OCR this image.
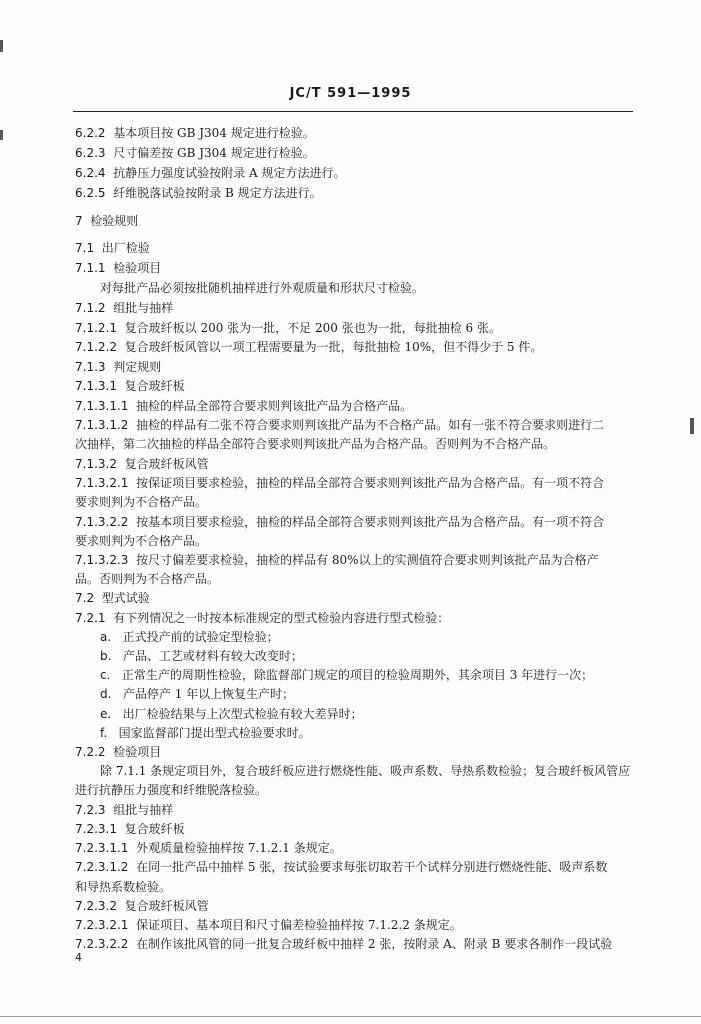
JC/T 591—1995
6.2.2 基本项目按 GB J304 规定进行检验。
6.2.3 尺寸偏差按 GB J304 规定进行检验。
6.2.4 抗静压力强度试验按附录 A 规定方法进行。
6.2.5 纤维脱落试验按附录 B 规定方法进行。
7 检验规则
7.1 出厂检验
7.1.1 检验项目
对每批产品必须按批随机抽样进行外观质量和形状尺寸检验。
7.1.2 组批与抽样
7.1.2.1 复合玻纤板以 200 张为一批，不足 200 张也为一批，每批抽检 6 张。
7.1.2.2 复合玻纤板风管以一项工程需要量为一批，每批抽检 10%，但不得少于 5 件。
7.1.3 判定规则
7.1.3.1 复合玻纤板
7.1.3.1.1 抽检的样品全部符合要求则判该批产品为合格产品。
7.1.3.1.2 抽检的样品有二张不符合要求则判该批产品为不合格产品。如有一张不符合要求则进行二
次抽样，第二次抽检的样品全部符合要求则判该批产品为合格产品。否则判为不合格产品。
7.1.3.2 复合玻纤板风管
7.1.3.2.1 按保证项目要求检验，抽检的样品全部符合要求则判该批产品为合格产品。有一项不符合
要求则判为不合格产品。
7.1.3.2.2 按基本项目要求检验，抽检的样品全部符合要求则判该批产品为合格产品。有一项不符合
要求则判为不合格产品。
7.1.3.2.3 按尺寸偏差要求检验，抽检的样品有 80%以上的实测值符合要求则判该批产品为合格产
品。否则判为不合格产品。
7.2 型式试验
7.2.1 有下列情况之一时按本标准规定的型式检验内容进行型式检验：
a. 正式投产前的试验定型检验；
b. 产品、工艺或材料有较大改变时；
c. 正常生产的周期性检验，除监督部门规定的项目的检验周期外，其余项目 3 年进行一次；
d. 产品停产 1 年以上恢复生产时；
e. 出厂检验结果与上次型式检验有较大差异时；
f. 国家监督部门提出型式检验要求时。
7.2.2 检验项目
除 7.1.1 条规定项目外，复合玻纤板应进行燃烧性能、吸声系数、导热系数检验；复合玻纤板风管应
进行抗静压力强度和纤维脱落检验。
7.2.3 组批与抽样
7.2.3.1 复合玻纤板
7.2.3.1.1 外观质量检验抽样按 7.1.2.1 条规定。
7.2.3.1.2 在同一批产品中抽样 5 张，按试验要求每张切取若干个试样分别进行燃烧性能、吸声系数
和导热系数检验。
7.2.3.2 复合玻纤板风管
7.2.3.2.1 保证项目、基本项目和尺寸偏差检验抽样按 7.1.2.2 条规定。
7.2.3.2.2 在制作该批风管的同一批复合玻纤板中抽样 2 张，按附录 A、附录 B 要求各制作一段试验
4
